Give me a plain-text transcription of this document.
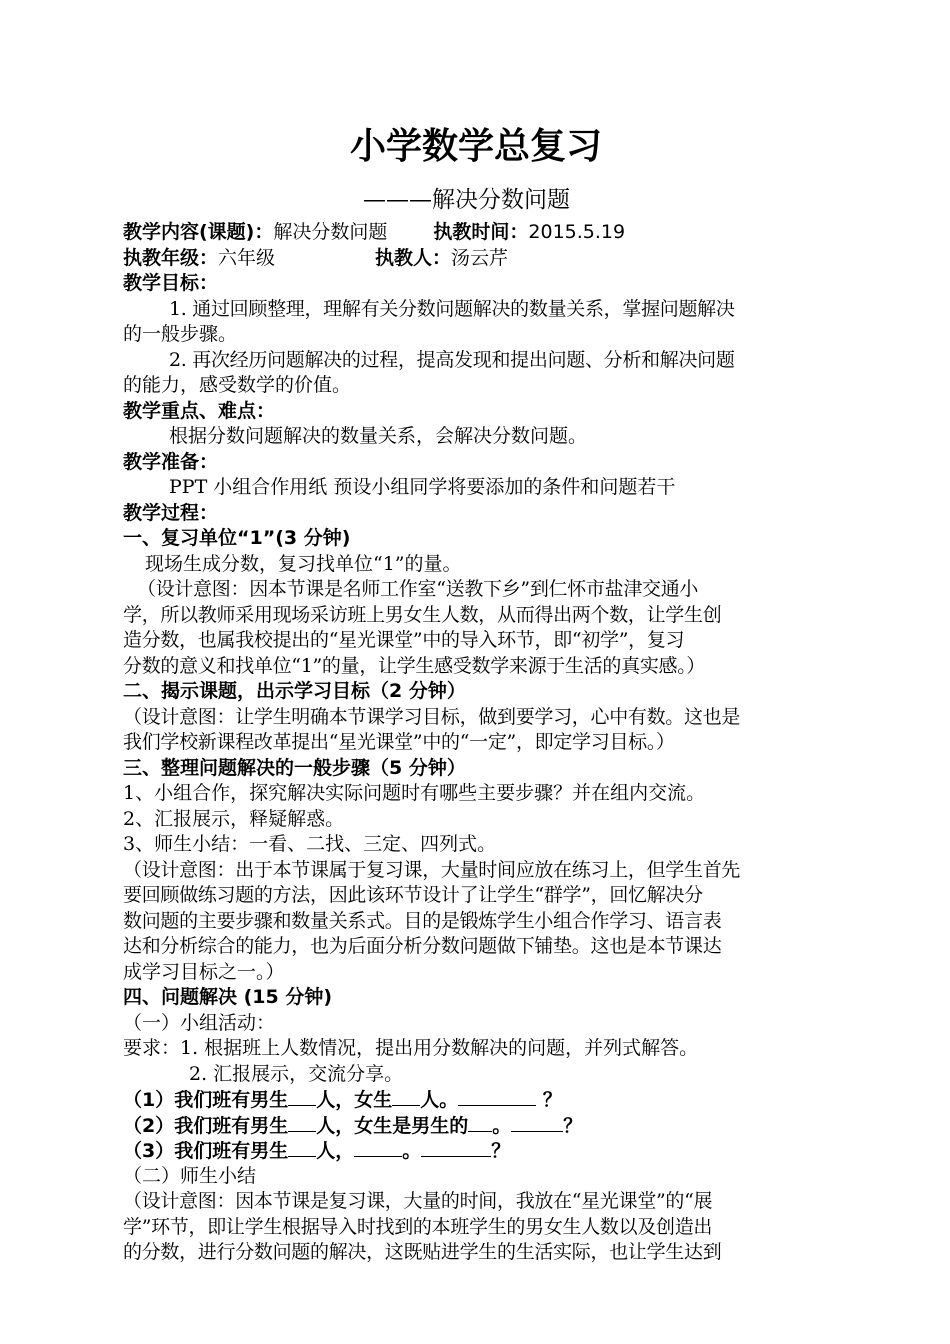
小学数学总复习
———解决分数问题
教学内容(课题)：解决分数问题 执教时间：2015.5.19
执教年级：六年级	执教人：汤云芹
教学目标：
1. 通过回顾整理，理解有关分数问题解决的数量关系，掌握问题解决
的一般步骤。
2. 再次经历问题解决的过程，提高发现和提出问题、分析和解决问题
的能力，感受数学的价值。
教学重点、难点：
根据分数问题解决的数量关系，会解决分数问题。
教学准备：
PPT 小组合作用纸 预设小组同学将要添加的条件和问题若干
教学过程：
一、复习单位“1”(3 分钟)
现场生成分数，复习找单位“1”的量。
（设计意图：因本节课是名师工作室“送教下乡”到仁怀市盐津交通小
学，所以教师采用现场采访班上男女生人数，从而得出两个数，让学生创
造分数，也属我校提出的“星光课堂”中的导入环节，即“初学”，复习
分数的意义和找单位“1”的量，让学生感受数学来源于生活的真实感。）
二、揭示课题，出示学习目标（2 分钟）
（设计意图：让学生明确本节课学习目标，做到要学习，心中有数。这也是
我们学校新课程改革提出“星光课堂”中的“一定”，即定学习目标。）
三、整理问题解决的一般步骤（5 分钟）
1、小组合作，探究解决实际问题时有哪些主要步骤？并在组内交流。
2、汇报展示，释疑解惑。
3、师生小结：一看、二找、三定、四列式。
（设计意图：出于本节课属于复习课，大量时间应放在练习上，但学生首先
要回顾做练习题的方法，因此该环节设计了让学生“群学”，回忆解决分
数问题的主要步骤和数量关系式。目的是锻炼学生小组合作学习、语言表
达和分析综合的能力，也为后面分析分数问题做下铺垫。这也是本节课达
成学习目标之一。）
四、问题解决 (15 分钟)
（一）小组活动：
要求：1. 根据班上人数情况，提出用分数解决的问题，并列式解答。
2. 汇报展示，交流分享。
（1）我们班有男生 人，女生 人。	？
（2）我们班有男生 人，女生是男生的 。	？
（3）我们班有男生 人，	。	？
（二）师生小结
（设计意图：因本节课是复习课，大量的时间，我放在“星光课堂”的“展
学”环节，即让学生根据导入时找到的本班学生的男女生人数以及创造出
的分数，进行分数问题的解决，这既贴进学生的生活实际，也让学生达到
